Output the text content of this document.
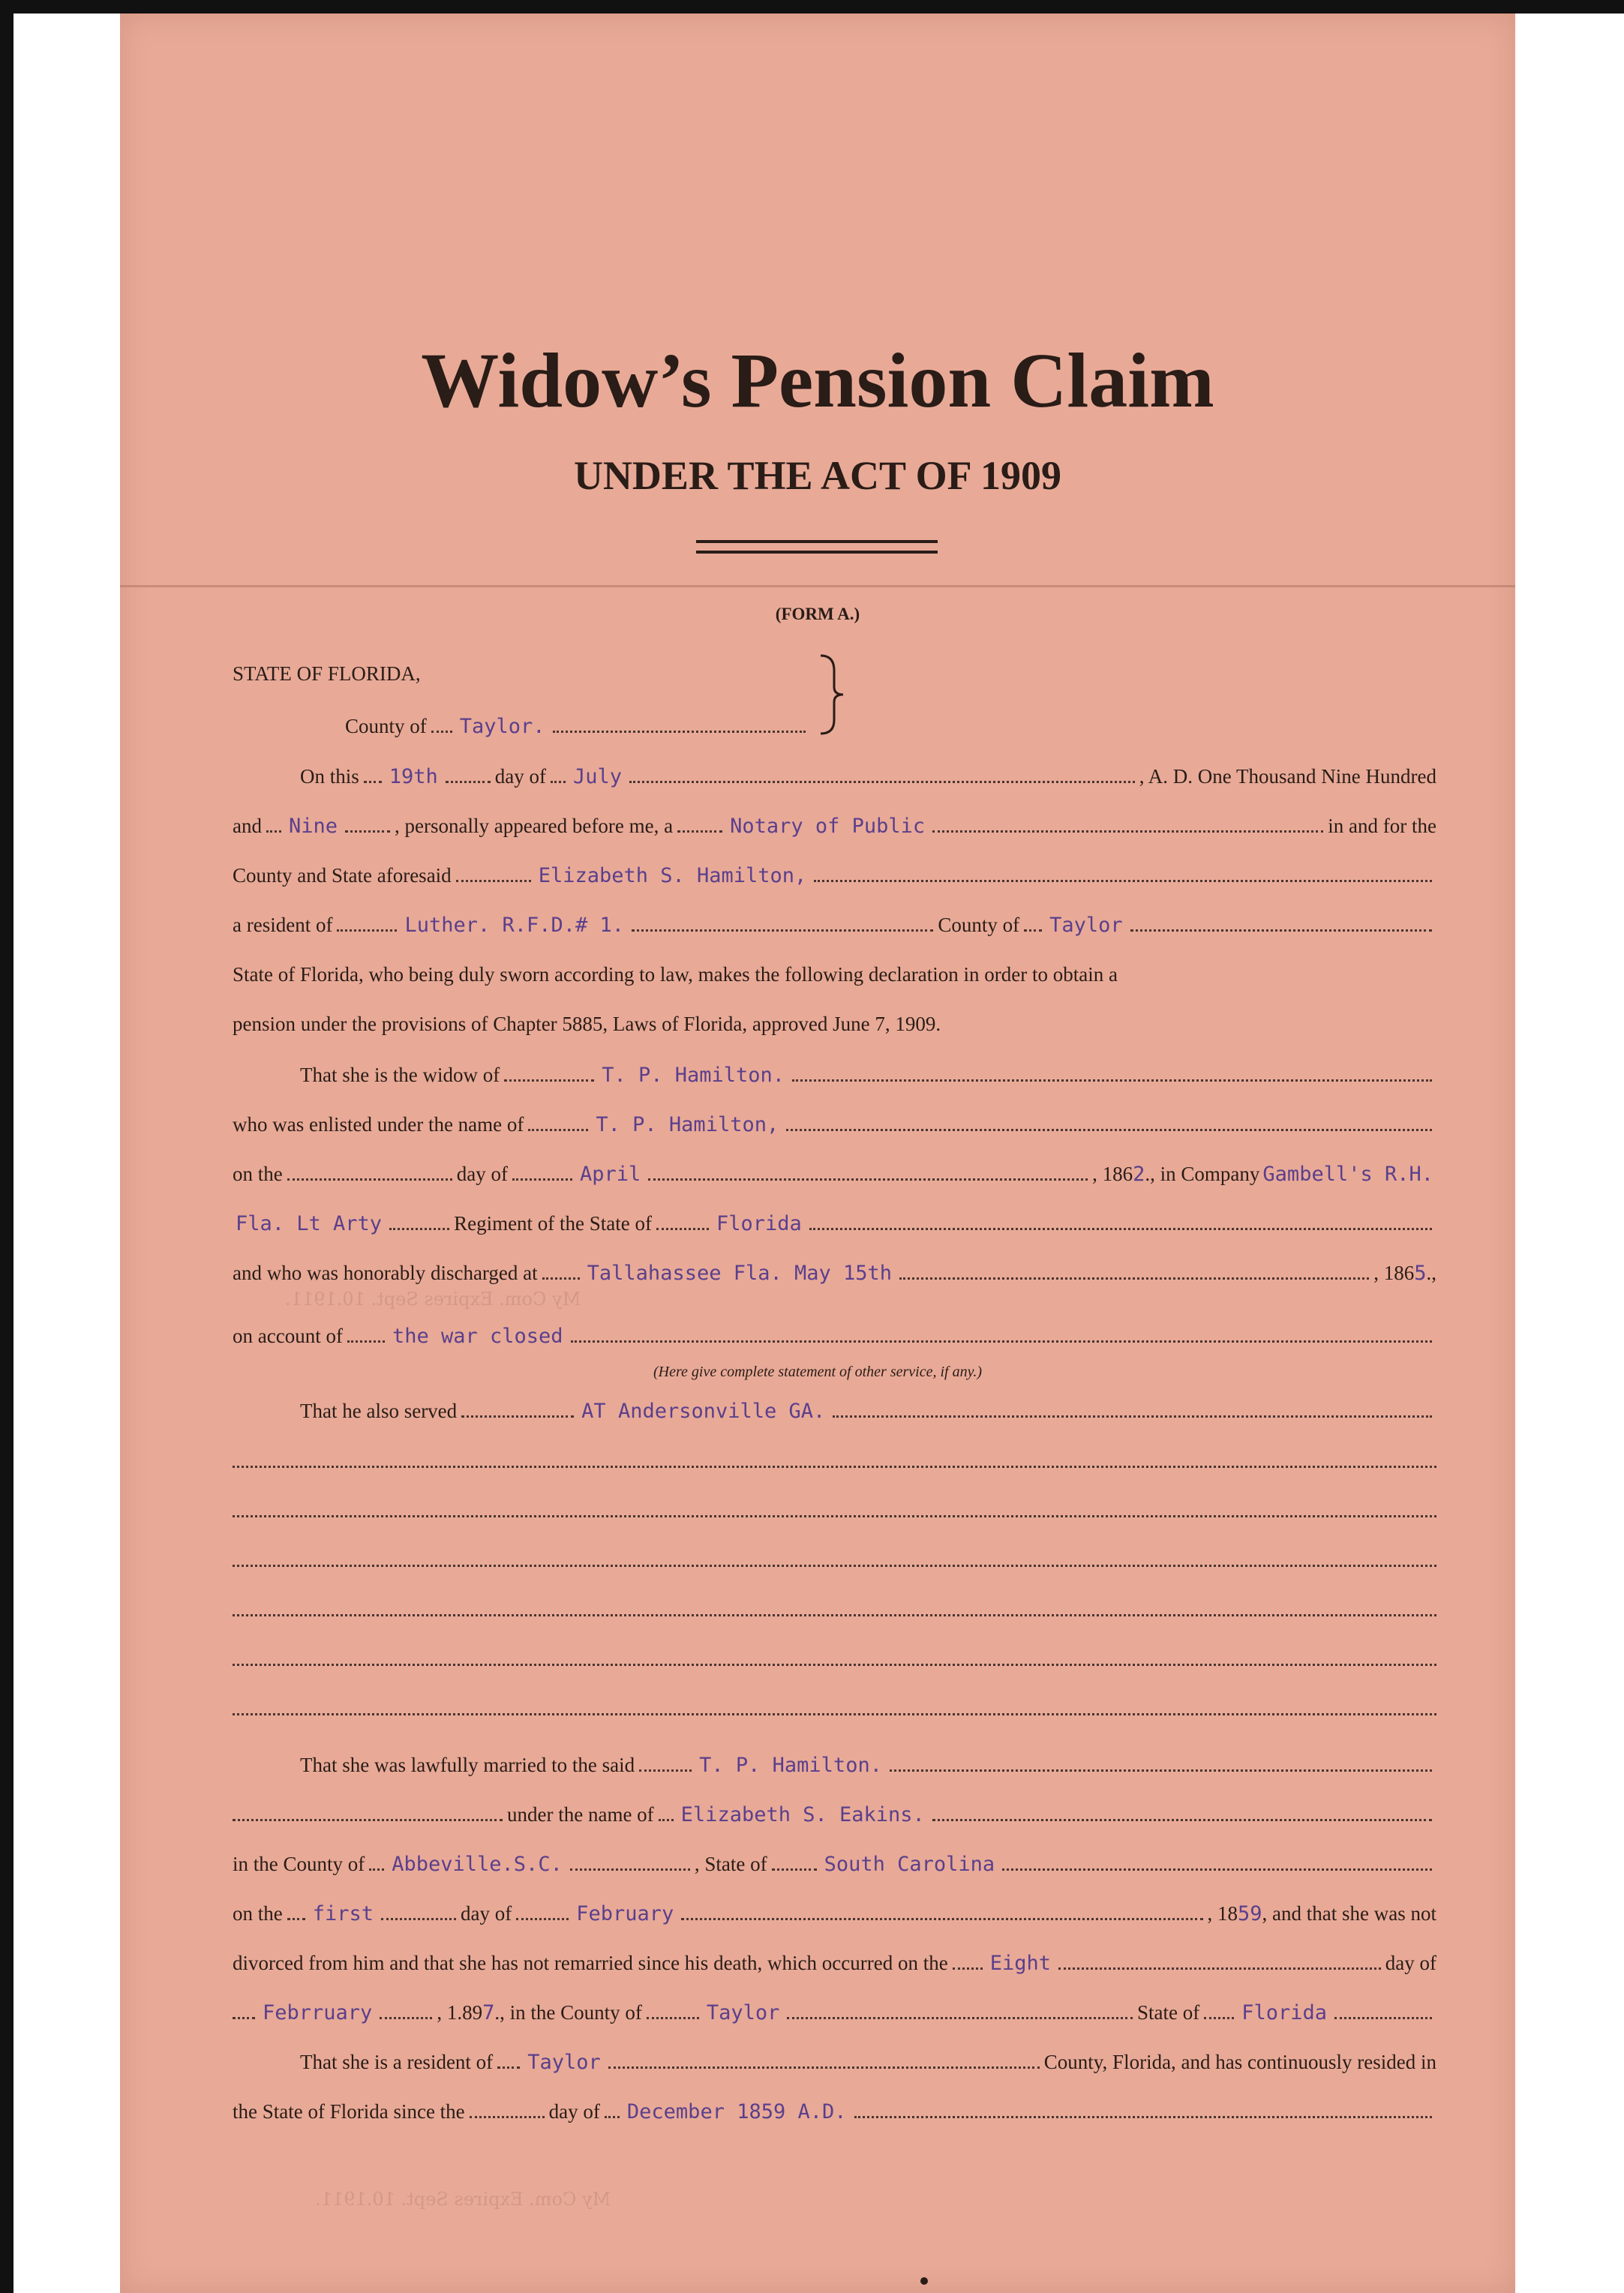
My Com. Expires Sept. 10.1911.
My Com. Expires Sept. 10.1911.
Widow’s Pension Claim
UNDER THE ACT OF 1909
(FORM A.)
STATE OF FLORIDA,
County of Taylor.
On this 19th	day of July	, A. D. One Thousand Nine Hundred
and Nine	, personally appeared before me, a	Notary of Public	in and for the
County and State aforesaid	Elizabeth S. Hamilton,
a resident of	Luther. R.F.D.# 1.	County of Taylor
State of Florida, who being duly sworn according to law, makes the following declaration in order to obtain a
pension under the provisions of Chapter 5885, Laws of Florida, approved June 7, 1909.
That she is the widow of	T. P. Hamilton.
who was enlisted under the name of	T. P. Hamilton,
on the	day of	April	, 186 2 ., in Company Gambell's R.H.
Fla. Lt Arty	Regiment of the State of	Florida
and who was honorably discharged at Tallahassee Fla. May 15th	, 186 5 .,
on account of the war closed
(Here give complete statement of other service, if any.)
That he also served	AT Andersonville GA.
That she was lawfully married to the said	T. P. Hamilton.
under the name of Elizabeth S. Eakins.
in the County of Abbeville.S.C.	, State of	South Carolina
on the first	day of	February	, 18 59 , and that she was not
divorced from him and that she has not remarried since his death, which occurred on the Eight	day of
Febrruary	, 1.89 7 ., in the County of	Taylor	State of Florida
That she is a resident of Taylor	County, Florida, and has continuously resided in
the State of Florida since the	day of December 1859 A.D.
